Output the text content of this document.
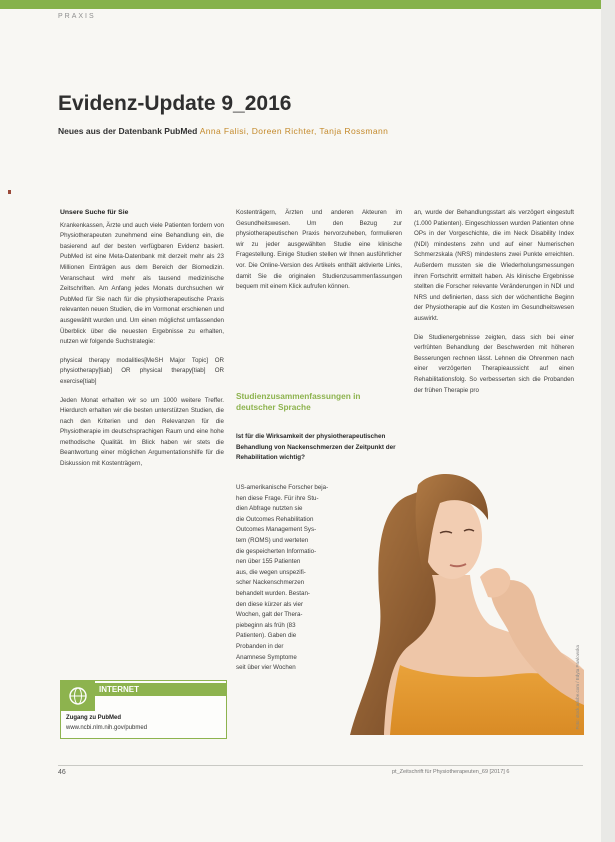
PRAXIS
Evidenz-Update 9_2016
Neues aus der Datenbank PubMed Anna Falisi, Doreen Richter, Tanja Rossmann
Unsere Suche für Sie

Krankenkassen, Ärzte und auch viele Patienten fordern von Physiotherapeuten zunehmend eine Behandlung ein, die basierend auf der besten verfügbaren Evidenz basiert. PubMed ist eine Meta-Datenbank mit derzeit mehr als 23 Millionen Einträgen aus dem Bereich der Biomedizin. Veranschaut wird mehr als tausend medizinische Zeitschriften. Am Anfang jedes Monats durchsuchen wir PubMed für Sie nach für die physiotherapeutische Praxis relevanten neuen Studien, die im Vormonat erschienen und ausgewählt wurden und. Um einen möglichst umfassenden Überblick über die neuesten Ergebnisse zu erhalten, nutzen wir folgende Suchstrategie:

physical therapy modalities[MeSH Major Topic] OR physiotherapy[tiab] OR physical therapy[tiab] OR exercise[tiab]

Jeden Monat erhalten wir so um 1000 weitere Treffer. Hierdurch erhalten wir die besten unterstützen Studien, die nach den Kriterien und den Relevanzen für die Physiotherapie im deutschsprachigen Raum und eine hohe methodische Qualität. Im Blick haben wir stets die Beantwortung einer möglichen Argumentationshilfe für die Diskussion mit Kostenträgern,

Kostenträgern, Ärzten und anderen Akteuren im Gesundheitswesen. Um den Bezug zur physiotherapeutischen Praxis hervorzuheben, formulieren wir zu jeder ausgewählten Studie eine klinische Fragestellung. Einige Studien stellen wir Ihnen ausführlicher vor. Die Online-Version des Artikels enthält aktivierte Links, damit Sie die originalen Studienzusammenfassungen bequem mit einem Klick aufrufen können.

Studienzusammenfassungen in deutscher Sprache
Ist für die Wirksamkeit der physiotherapeutischen Behandlung von Nackenschmerzen der Zeitpunkt der Rehabilitation wichtig?
US-amerikanische Forscher beja-
hen diese Frage. Für ihre Stu-
dien Abfrage nutzten sie
die Outcomes Rehabilitation
Outcomes Management Sys-
tem (ROMS) und werteten
die gespeicherten Informatio-
nen über 155 Patienten
aus, die wegen unspezifi-
scher Nackenschmerzen
behandelt wurden. Bestan-
den diese kürzer als vier
Wochen, galt der Thera-
piebeginn als früh (83
Patienten). Gaben die
Probanden in der
Anamnese Symptome
seit über vier Wochen

an, wurde der Behandlungsstart als verzögert eingestuft (1.000 Patienten). Eingeschlossen wurden Patienten ohne OPs in der Vorgeschichte, die im Neck Disability Index (NDI) mindestens zehn und auf einer Numerischen Schmerzskala (NRS) mindestens zwei Punkte erreichten. Außerdem mussten sie die Wiederholungsmessungen ihren Fortschritt ermittelt haben. Als klinische Ergebnisse stellten die Forscher relevante Veränderungen in NDI und NRS und definierten, dass sich der wöchentliche Beginn der Physiotherapie auf die Kosten im Gesundheitswesen auswirkt.

Die Studienergebnisse zeigten, dass sich bei einer verfrühten Behandlung der Beschwerden mit höheren Besserungen rechnen lässt. Lehnen die Ohrenmen nach einer verzögerten Therapieaussicht auf einen Rehabilitationsfolg. So verbesserten sich die Probanden der frühen Therapie pro

Foto: stock.adobe.com / Edyta Pawlowska
INTERNET
Zugang zu PubMed
www.ncbi.nlm.nih.gov/pubmed
46	pt_Zeitschrift für Physiotherapeuten_69 [2017] 6
